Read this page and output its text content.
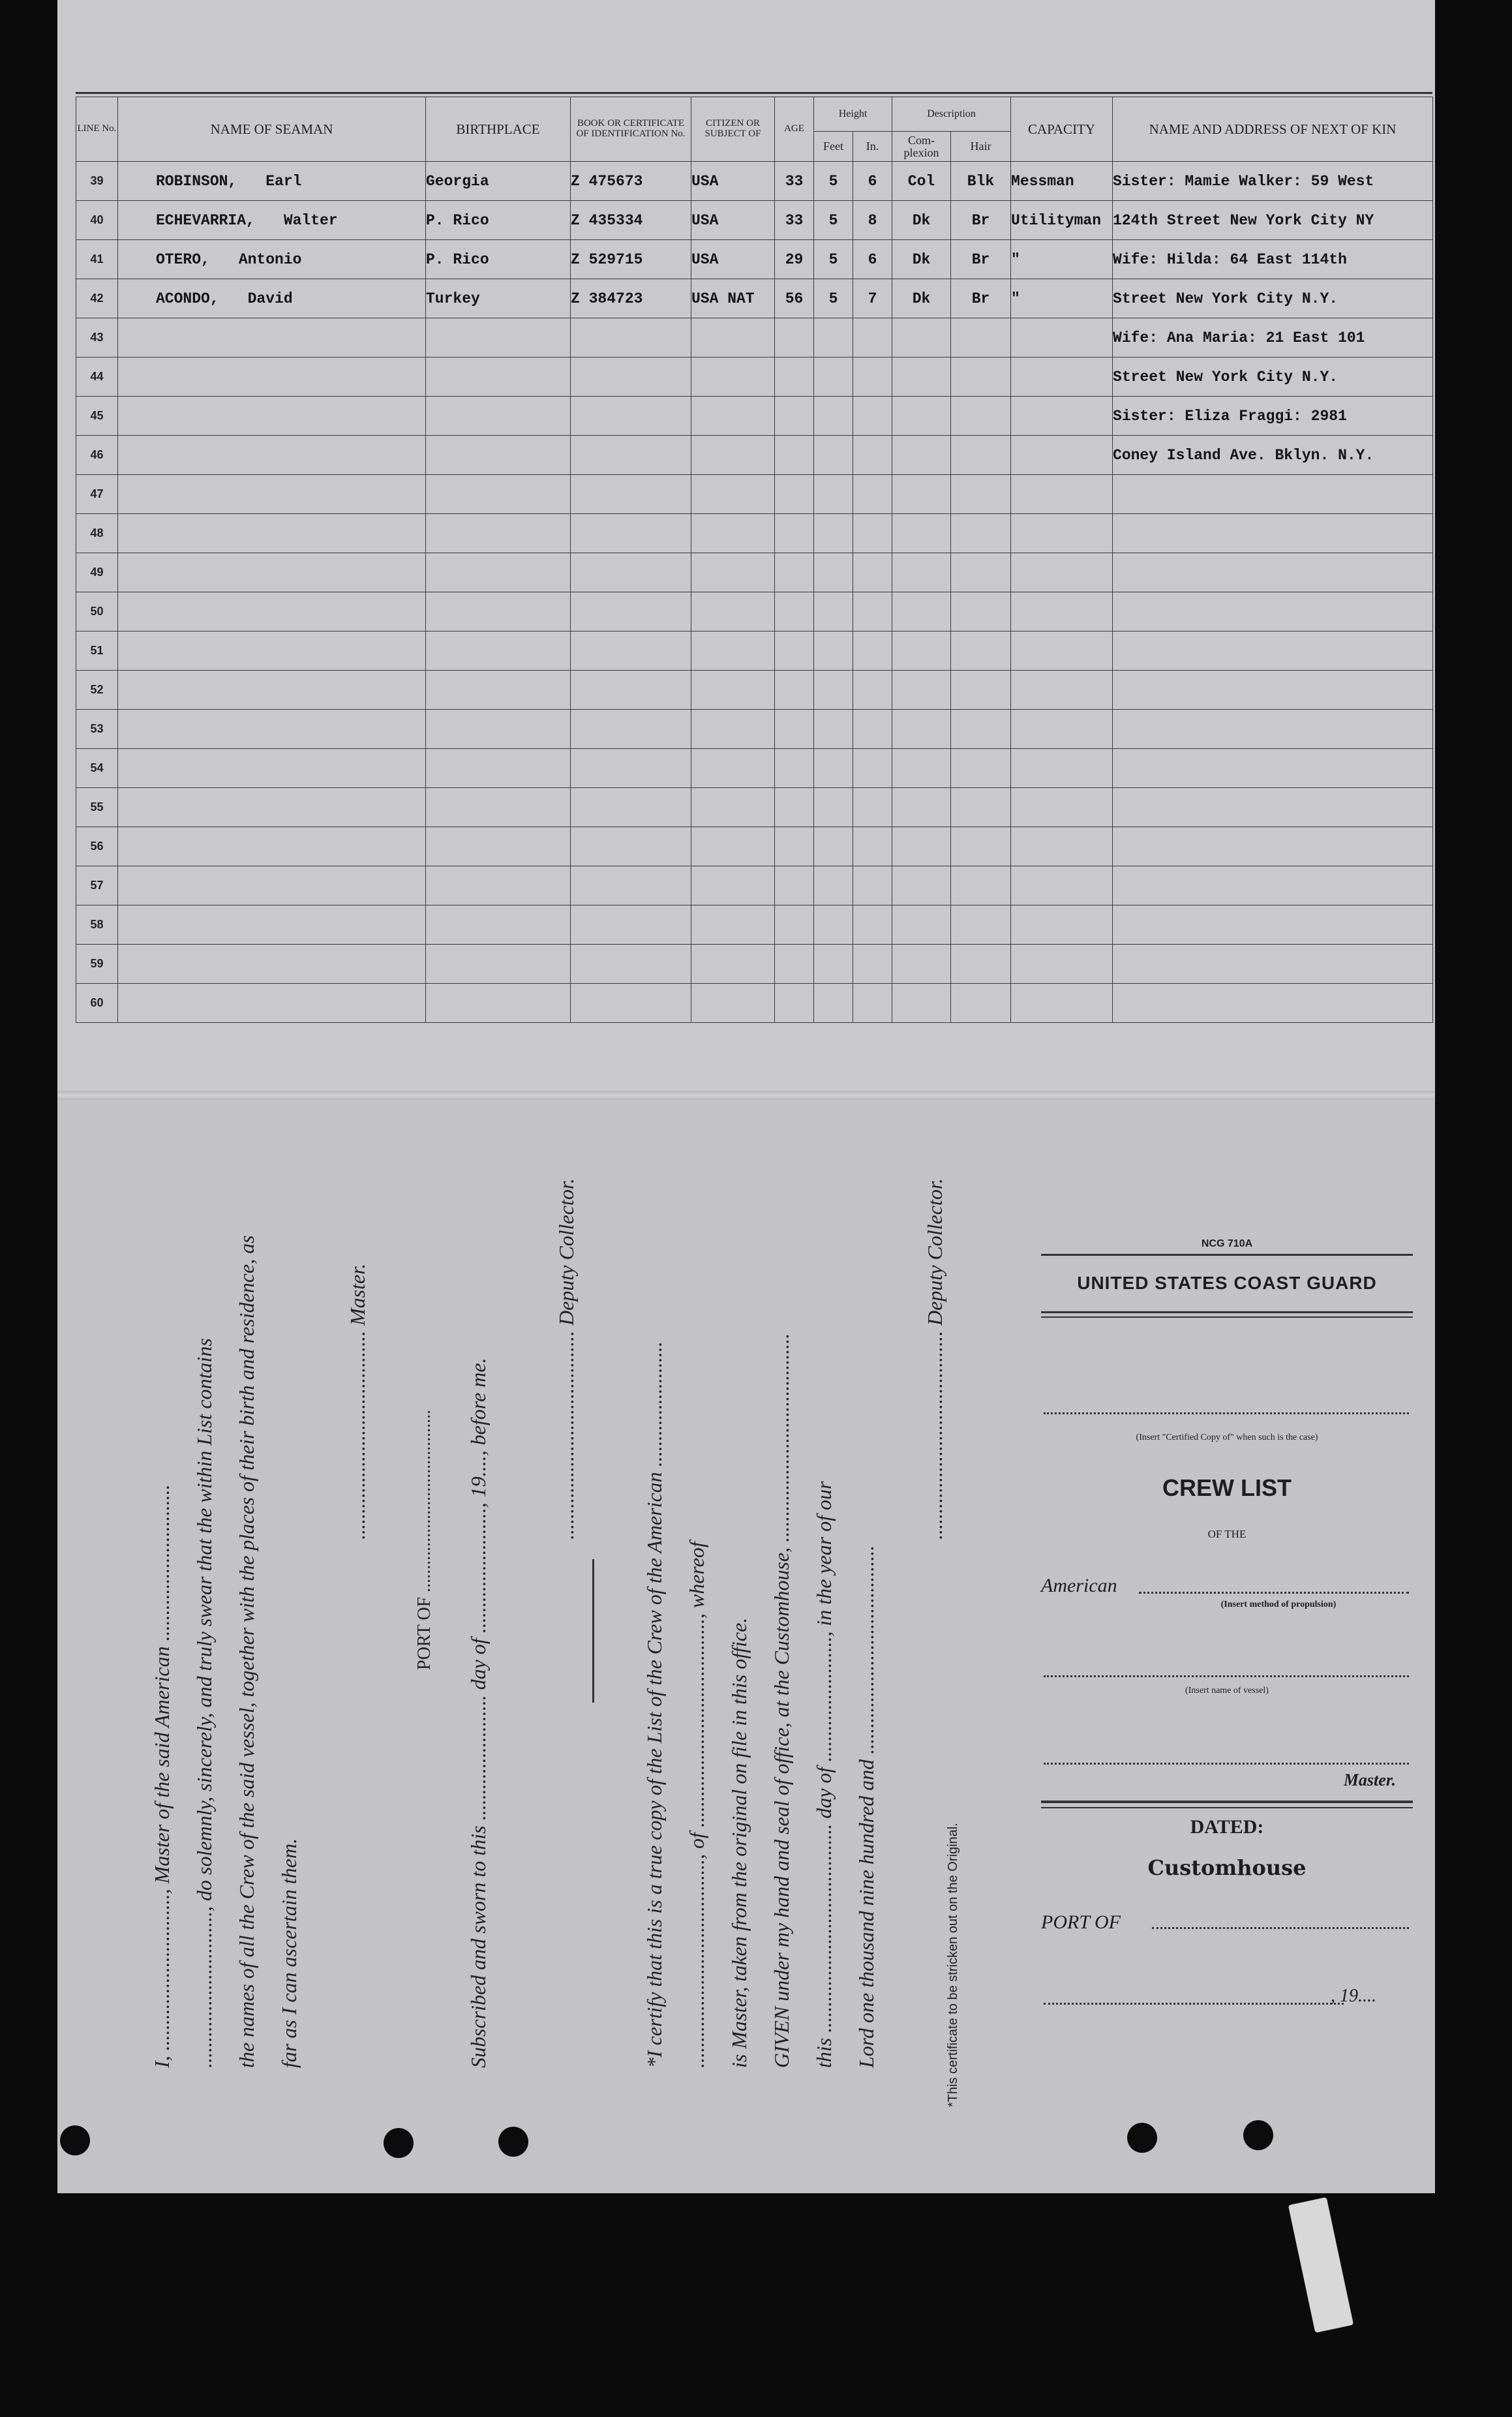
LINE No.	NAME OF SEAMAN	BIRTHPLACE	BOOK OR CERTIFICATE OF IDENTIFICATION No.	CITIZEN OR SUBJECT OF	AGE	Height		Description		CAPACITY	NAME AND ADDRESS OF NEXT OF KIN
						Feet	In.	Com-plexion	Hair		
39	ROBINSON, Earl	Georgia	Z 475673	USA	33	5	6	Col	Blk	Messman	Sister: Mamie Walker: 59 West
40	ECHEVARRIA, Walter	P. Rico	Z 435334	USA	33	5	8	Dk	Br	Utilityman	124th Street New York City NY
41	OTERO, Antonio	P. Rico	Z 529715	USA	29	5	6	Dk	Br	"	Wife: Hilda: 64 East 114th
42	ACONDO, David	Turkey	Z 384723	USA NAT	56	5	7	Dk	Br	"	Street New York City N.Y.
43											Wife: Ana Maria: 21 East 101
44											Street New York City N.Y.
45											Sister: Eliza Fraggi: 2981
46											Coney Island Ave. Bklyn. N.Y.
47											
48											
49											
50											
51											
52											
53											
54											
55											
56											
57											
58											
59											
60											
I, .............................., Master of the said American .............................. .............................., do solemnly, sincerely, and truly swear that the within List contains the names of all the Crew of the said vessel, together with the places of their birth and residence, as far as I can ascertain them.
........................................ Master.
PORT OF ........................................ Subscribed and sworn to this ........................ day of ........................, 19...., before me.	........................................ Deputy Collector.	*I certify that this is a true copy of the List of the Crew of the American ........................ ........................................, of ........................................, whereof is Master, taken from the original on file in this office. GIVEN under my hand and seal of office, at the Customhouse, ........................................ this ........................................ day of ........................, in the year of our Lord one thousand nine hundred and ........................................
........................................ Deputy Collector.
*This certificate to be stricken out on the Original.
NCG 710A
UNITED STATES COAST GUARD
(Insert "Certified Copy of" when such is the case)
CREW LIST
OF THE
American
(Insert method of propulsion)
(Insert name of vessel)
Master.
DATED:
Customhouse
PORT OF
, 19....
